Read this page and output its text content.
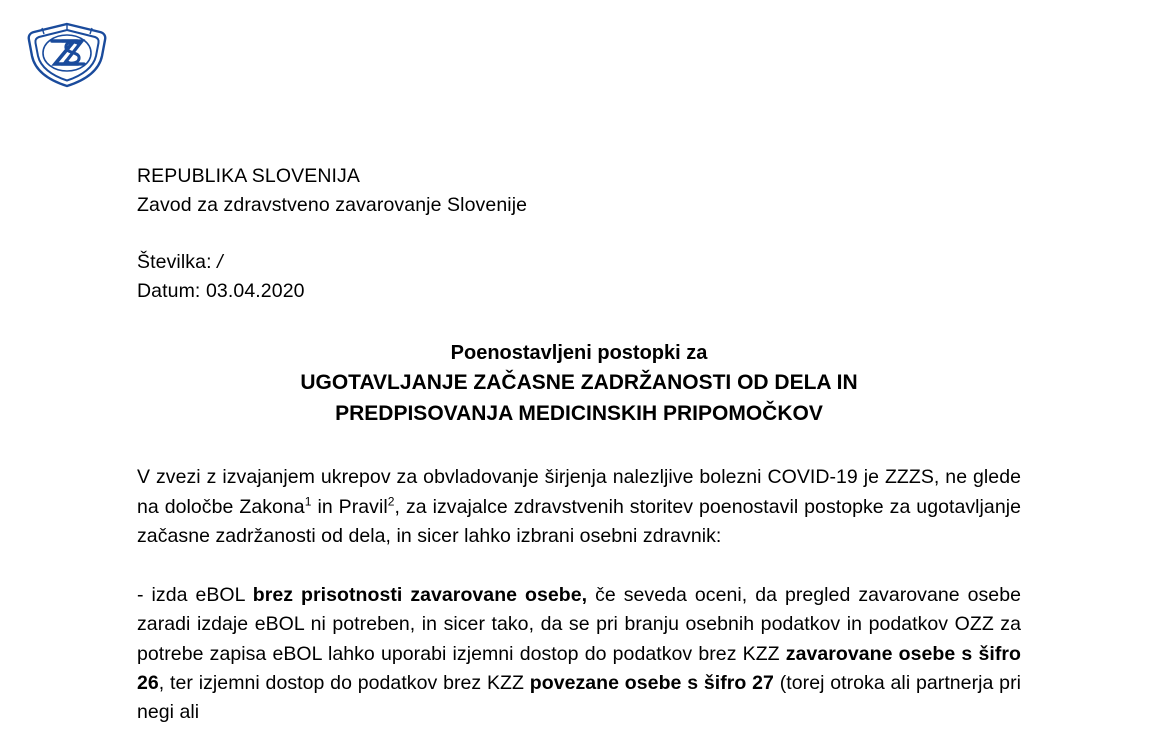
REPUBLIKA SLOVENIJA
Zavod za zdravstveno zavarovanje Slovenije
Številka: /
Datum: 03.04.2020
Poenostavljeni postopki za
UGOTAVLJANJE ZAČASNE ZADRŽANOSTI OD DELA IN
PREDPISOVANJA MEDICINSKIH PRIPOMOČKOV

V zvezi z izvajanjem ukrepov za obvladovanje širjenja nalezljive bolezni COVID-19 je ZZZS, ne glede na določbe Zakona$^1$ in Pravil$^2$, za izvajalce zdravstvenih storitev poenostavil postopke za ugotavljanje začasne zadržanosti od dela, in sicer lahko izbrani osebni zdravnik:

- izda eBOL brez prisotnosti zavarovane osebe, če seveda oceni, da pregled zavarovane osebe zaradi izdaje eBOL ni potreben, in sicer tako, da se pri branju osebnih podatkov in podatkov OZZ za potrebe zapisa eBOL lahko uporabi izjemni dostop do podatkov brez KZZ zavarovane osebe s šifro 26, ter izjemni dostop do podatkov brez KZZ povezane osebe s šifro 27 (torej otroka ali partnerja pri negi ali
